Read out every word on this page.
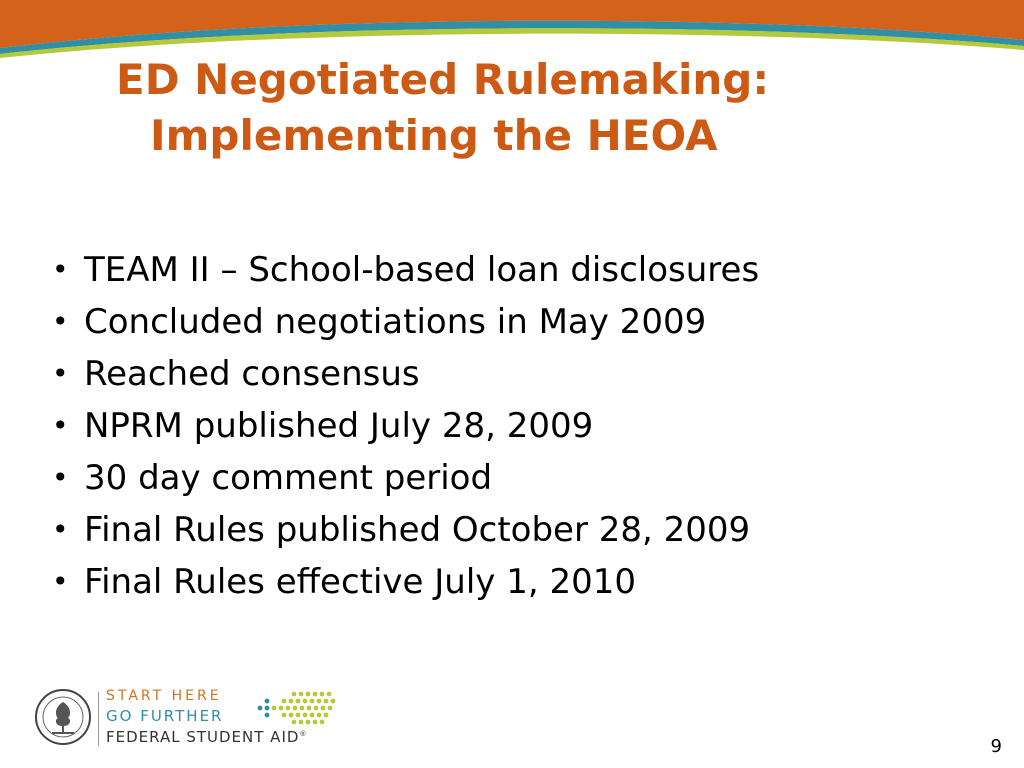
ED Negotiated Rulemaking:
Implementing the HEOA
• TEAM II – School-based loan disclosures
• Concluded negotiations in May 2009
• Reached consensus
• NPRM published July 28, 2009
• 30 day comment period
• Final Rules published October 28, 2009
• Final Rules effective July 1, 2010
START HERE
GO FURTHER
FEDERAL STUDENT AID®
9
